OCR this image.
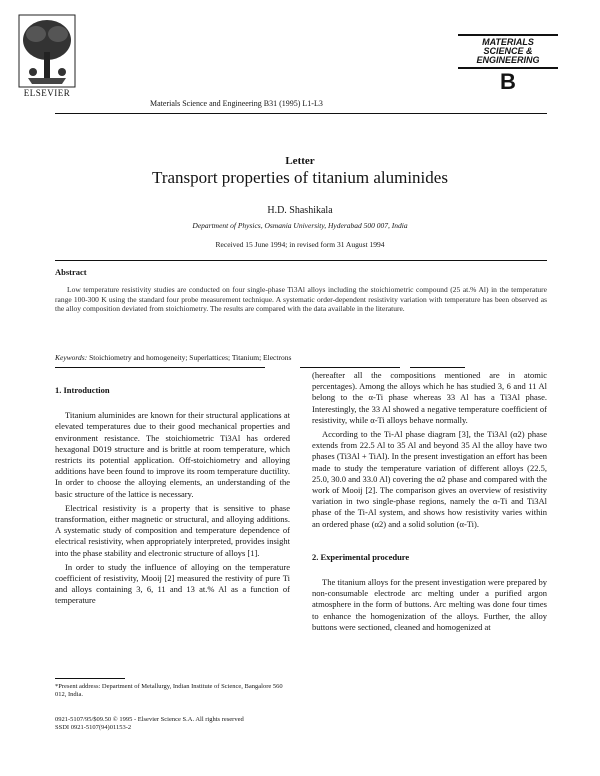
ELSEVIER
Materials Science and Engineering B31 (1995) L1-L3
MATERIALS
SCIENCE &
ENGINEERING
B
Letter
Transport properties of titanium aluminides
H.D. Shashikala
Department of Physics, Osmania University, Hyderabad 500 007, India
Received 15 June 1994; in revised form 31 August 1994
Abstract
Low temperature resistivity studies are conducted on four single-phase Ti3Al alloys including the stoichiometric compound (25 at.% Al) in the temperature range 100-300 K using the standard four probe measurement technique. A systematic order-dependent resistivity variation with temperature has been observed as the alloy composition deviated from stoichiometry. The results are compared with the data available in the literature.
Keywords: Stoichiometry and homogeneity; Superlattices; Titanium; Electrons
1. Introduction

Titanium aluminides are known for their structural applications at elevated temperatures due to their good mechanical properties and environment resistance. The stoichiometric Ti3Al has ordered hexagonal D019 structure and is brittle at room temperature, which restricts its potential application. Off-stoichiometry and alloying additions have been found to improve its room temperature ductility. In order to choose the alloying elements, an understanding of the basic structure of the lattice is necessary.

Electrical resistivity is a property that is sensitive to phase transformation, either magnetic or structural, and alloying additions. A systematic study of composition and temperature dependence of electrical resistivity, when appropriately interpreted, provides insight into the phase stability and electronic structure of alloys [1].

In order to study the influence of alloying on the temperature coefficient of resistivity, Mooij [2] measured the restivity of pure Ti and alloys containing 3, 6, 11 and 13 at.% Al as a function of temperature

(hereafter all the compositions mentioned are in atomic percentages). Among the alloys which he has studied 3, 6 and 11 Al belong to the α-Ti phase whereas 33 Al has a Ti3Al phase. Interestingly, the 33 Al showed a negative temperature coefficient of resistivity, while α-Ti alloys behave normally.

According to the Ti-Al phase diagram [3], the Ti3Al (α2) phase extends from 22.5 Al to 35 Al and beyond 35 Al the alloy have two phases (Ti3Al + TiAl). In the present investigation an effort has been made to study the temperature variation of different alloys (22.5, 25.0, 30.0 and 33.0 Al) covering the α2 phase and compared with the work of Mooij [2]. The comparison gives an overview of resistivity variation in two single-phase regions, namely the α-Ti and Ti3Al phase of the Ti-Al system, and shows how resistivity varies within an ordered phase (α2) and a solid solution (α-Ti).

2. Experimental procedure

The titanium alloys for the present investigation were prepared by non-consumable electrode arc melting under a purified argon atmosphere in the form of buttons. Arc melting was done four times to enhance the homogenization of the alloys. Further, the alloy buttons were sectioned, cleaned and homogenized at

*Present address: Department of Metallurgy, Indian Institute of Science, Bangalore 560 012, India.
0921-5107/95/$09.50 © 1995 - Elsevier Science S.A. All rights reserved
SSDI 0921-5107(94)01153-2
